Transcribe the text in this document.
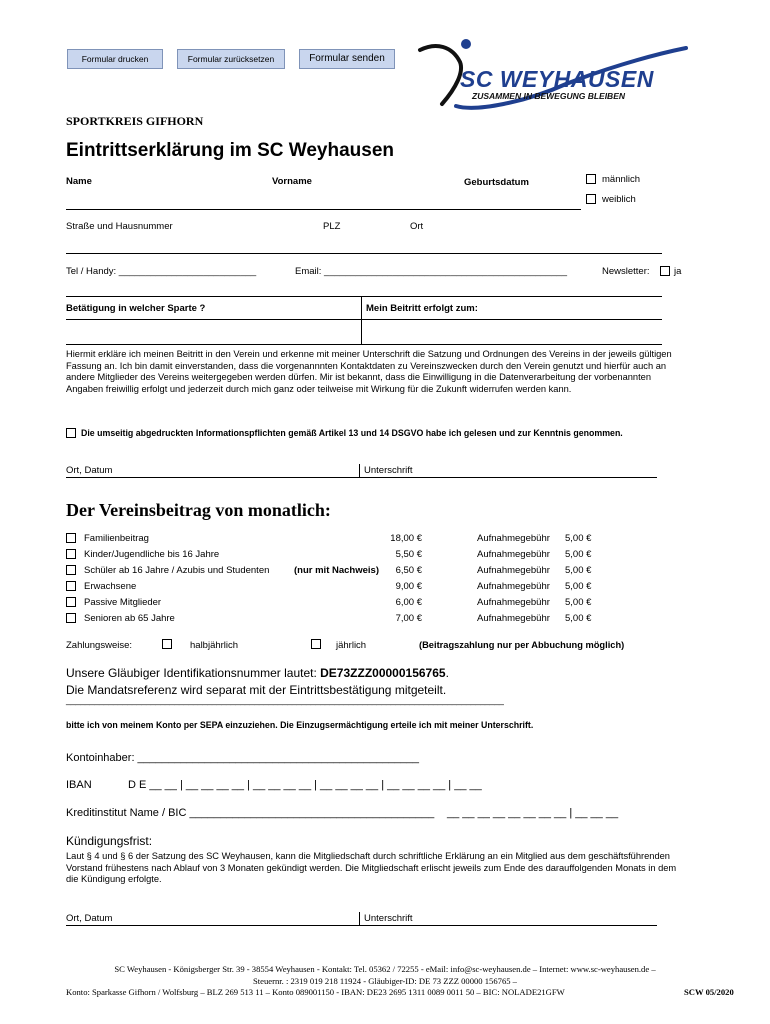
Formular drucken	Formular zurücksetzen	Formular senden
SC WEYHAUSEN
ZUSAMMEN IN BEWEGUNG BLEIBEN
SPORTKREIS GIFHORN
Eintrittserklärung im SC Weyhausen
Name	Vorname	Geburtsdatum	männlich
weiblich
Straße und Hausnummer	PLZ	Ort
Tel / Handy: __________________________	Email: ______________________________________________	Newsletter:	ja
Betätigung in welcher Sparte ?	Mein Beitritt erfolgt zum:
Hiermit erkläre ich meinen Beitritt in den Verein und erkenne mit meiner Unterschrift die Satzung und Ordnungen des Vereins in der jeweils gültigen Fassung an. Ich bin damit einverstanden, dass die vorgenannnten Kontaktdaten zu Vereinszwecken durch den Verein genutzt und hierfür auch an andere Mitglieder des Vereins weitergegeben werden dürfen. Mir ist bekannt, dass die Einwilligung in die Datenverarbeitung der vorbenannten Angaben freiwillig erfolgt und jederzeit durch mich ganz oder teilweise mit Wirkung für die Zukunft widerrufen werden kann.
Die umseitig abgedruckten Informationspflichten gemäß Artikel 13 und 14 DSGVO habe ich gelesen und zur Kenntnis genommen.
Ort, Datum	Unterschrift
Der Vereinsbeitrag von monatlich:
Familienbeitrag	18,00 €	Aufnahmegebühr 5,00 €
Kinder/Jugendliche bis 16 Jahre	5,50 €	Aufnahmegebühr 5,00 €
Schüler ab 16 Jahre / Azubis und Studenten	(nur mit Nachweis)	6,50 €	Aufnahmegebühr 5,00 €
Erwachsene	9,00 €	Aufnahmegebühr 5,00 €
Passive Mitglieder	6,00 €	Aufnahmegebühr 5,00 €
Senioren ab 65 Jahre	7,00 €	Aufnahmegebühr 5,00 €
Zahlungsweise:	halbjährlich	jährlich	(Beitragszahlung nur per Abbuchung möglich)
Unsere Gläubiger Identifikationsnummer lautet: DE73ZZZ00000156765.
Die Mandatsreferenz wird separat mit der Eintrittsbestätigung mitgeteilt.
_____________________________________________________________________________________________
bitte ich von meinem Konto per SEPA einzuziehen. Die Einzugsermächtigung erteile ich mit meiner Unterschrift.
Kontoinhaber: ______________________________________________
IBAN	D E __ __ | __ __ __ __ | __ __ __ __ | __ __ __ __ | __ __ __ __ | __ __
Kreditinstitut Name / BIC ________________________________________ __ __ __ __ __ __ __ __ | __ __ __
Kündigungsfrist:
Laut § 4 und § 6 der Satzung des SC Weyhausen, kann die Mitgliedschaft durch schriftliche Erklärung an ein Mitglied aus dem geschäftsführenden Vorstand frühestens nach Ablauf von 3 Monaten gekündigt werden. Die Mitgliedschaft erlischt jeweils zum Ende des darauffolgenden Monats in dem die Kündigung erfolgte.
Ort, Datum	Unterschrift
SC Weyhausen - Königsberger Str. 39 - 38554 Weyhausen - Kontakt: Tel. 05362 / 72255 - eMail: info@sc-weyhausen.de – Internet: www.sc-weyhausen.de –
Steuernr. : 2319 019 218 11924 - Gläubiger-ID: DE 73 ZZZ 00000 156765 –
Konto: Sparkasse Gifhorn / Wolfsburg – BLZ 269 513 11 – Konto 089001150 - IBAN: DE23 2695 1311 0089 0011 50 – BIC: NOLADE21GFW	SCW 05/2020
